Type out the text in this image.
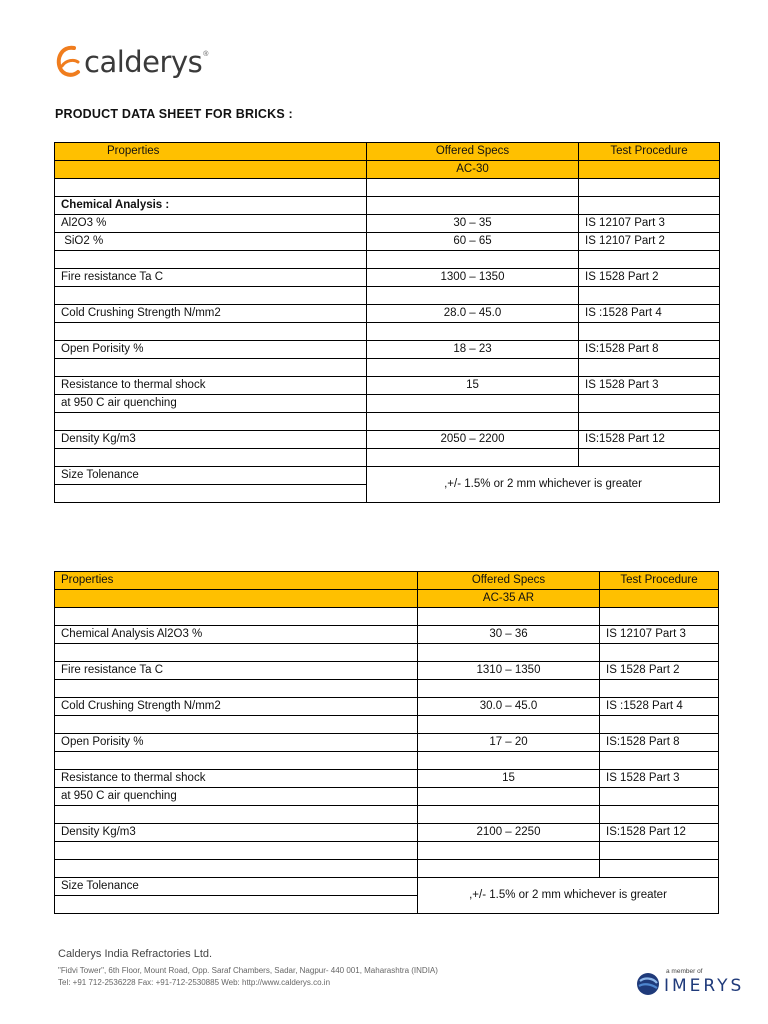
calderys ®
PRODUCT DATA SHEET FOR BRICKS :
Properties	Offered Specs	Test Procedure
	AC-30	

Chemical Analysis :		
Al2O3 %	30 – 35	IS 12107 Part 3
SiO2 %	60 – 65	IS 12107 Part 2

Fire resistance Ta C	1300 – 1350	IS 1528 Part 2

Cold Crushing Strength N/mm2	28.0 – 45.0	IS :1528 Part 4

Open Porisity %	18 – 23	IS:1528 Part 8

Resistance to thermal shock	15	IS 1528 Part 3
at 950 C air quenching		

Density Kg/m3	2050 – 2200	IS:1528 Part 12

Size Tolenance	,+/- 1.5% or 2 mm whichever is greater	

Properties	Offered Specs	Test Procedure
	AC-35 AR	

Chemical Analysis Al2O3 %	30 – 36	IS 12107 Part 3

Fire resistance Ta C	1310 – 1350	IS 1528 Part 2

Cold Crushing Strength N/mm2	30.0 – 45.0	IS :1528 Part 4

Open Porisity %	17 – 20	IS:1528 Part 8

Resistance to thermal shock	15	IS 1528 Part 3
at 950 C air quenching		

Density Kg/m3	2100 – 2250	IS:1528 Part 12

Size Tolenance	,+/- 1.5% or 2 mm whichever is greater	

Calderys India Refractories Ltd.
"Fidvi Tower", 6th Floor, Mount Road, Opp. Saraf Chambers, Sadar, Nagpur- 440 001, Maharashtra (INDIA)
Tel: +91 712-2536228 Fax: +91-712-2530885 Web: http://www.calderys.co.in
a member of
IMERYS
